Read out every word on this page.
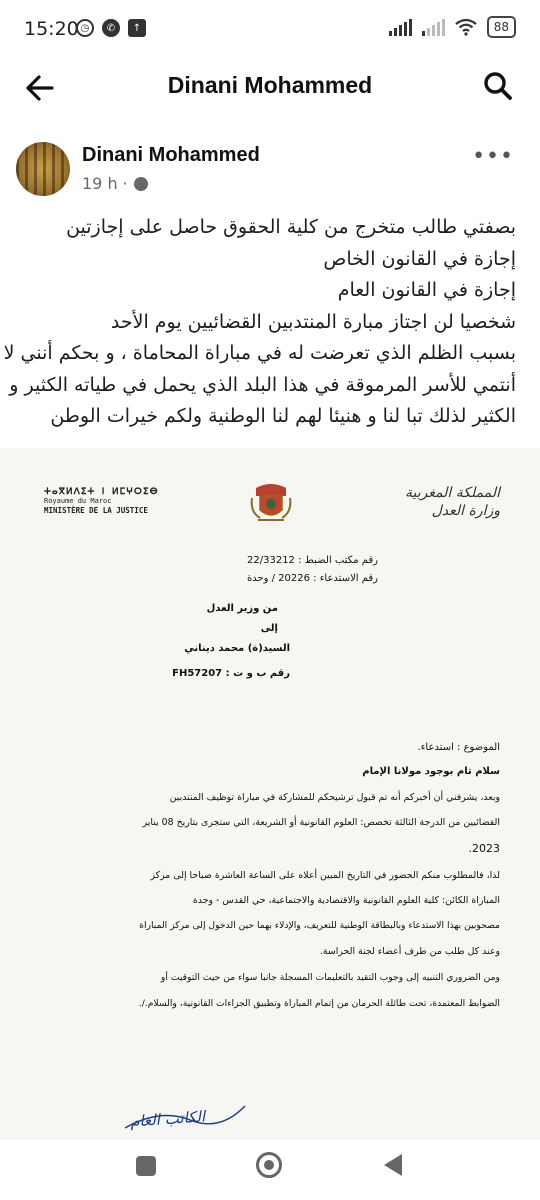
15:20 ◷	✆	↑	88
Dinani Mohammed
Dinani Mohammed
19 h ·
•••
بصفتي طالب متخرج من كلية الحقوق حاصل على إجازتين
إجازة في القانون الخاص
إجازة في القانون العام
شخصيا لن اجتاز مبارة المنتدبين القضائيين يوم الأحد
بسبب الظلم الذي تعرضت له في مباراة المحاماة ، و بحكم أنني لا
أنتمي للأسر المرموقة في هذا البلد الذي يحمل في طياته الكثير و
الكثير لذلك تبا لنا و هنيئا لهم لنا الوطنية ولكم خيرات الوطن
ⵜⴰⴳⵍⴷⵉⵜ ⵏ ⵍⵎⵖⵔⵉⴱ
Royaume du Maroc
MINISTÈRE DE LA JUSTICE
المملكة المغربية
وزارة العدل
رقم مكتب الضبط : 22/33212
رقم الاستدعاء : 20226 / وحدة
من وزير العدل
إلى
السيد(ة) محمد ديناني
رقم ب و ت : FH57207
الموضوع : استدعاء.
سلام تام بوجود مولانا الإمام
وبعد، يشرفني أن أخبركم أنه تم قبول ترشيحكم للمشاركة في مباراة توظيف المنتدبين
القضائيين من الدرجة الثالثة تخصص: العلوم القانونية أو الشريعة، التي ستجرى بتاريخ 08 يناير
2023.
لذا، فالمطلوب منكم الحضور في التاريخ المبين أعلاه على الساعة العاشرة صباحا إلى مركز
المباراة الكائن: كلية العلوم القانونية والاقتصادية والاجتماعية، حي القدس - وجدة
مصحوبين بهذا الاستدعاء وبالبطاقة الوطنية للتعريف، والإدلاء بهما حين الدخول إلى مركز المباراة
وعند كل طلب من طرف أعضاء لجنة الحراسة.
ومن الضروري التنبيه إلى وجوب التقيد بالتعليمات المسجلة جانبا سواء من حيث التوقيت أو
الضوابط المعتمدة، تحت طائلة الحرمان من إتمام المباراة وتطبيق الجزاءات القانونية، والسلام./.
الكاتب العام
